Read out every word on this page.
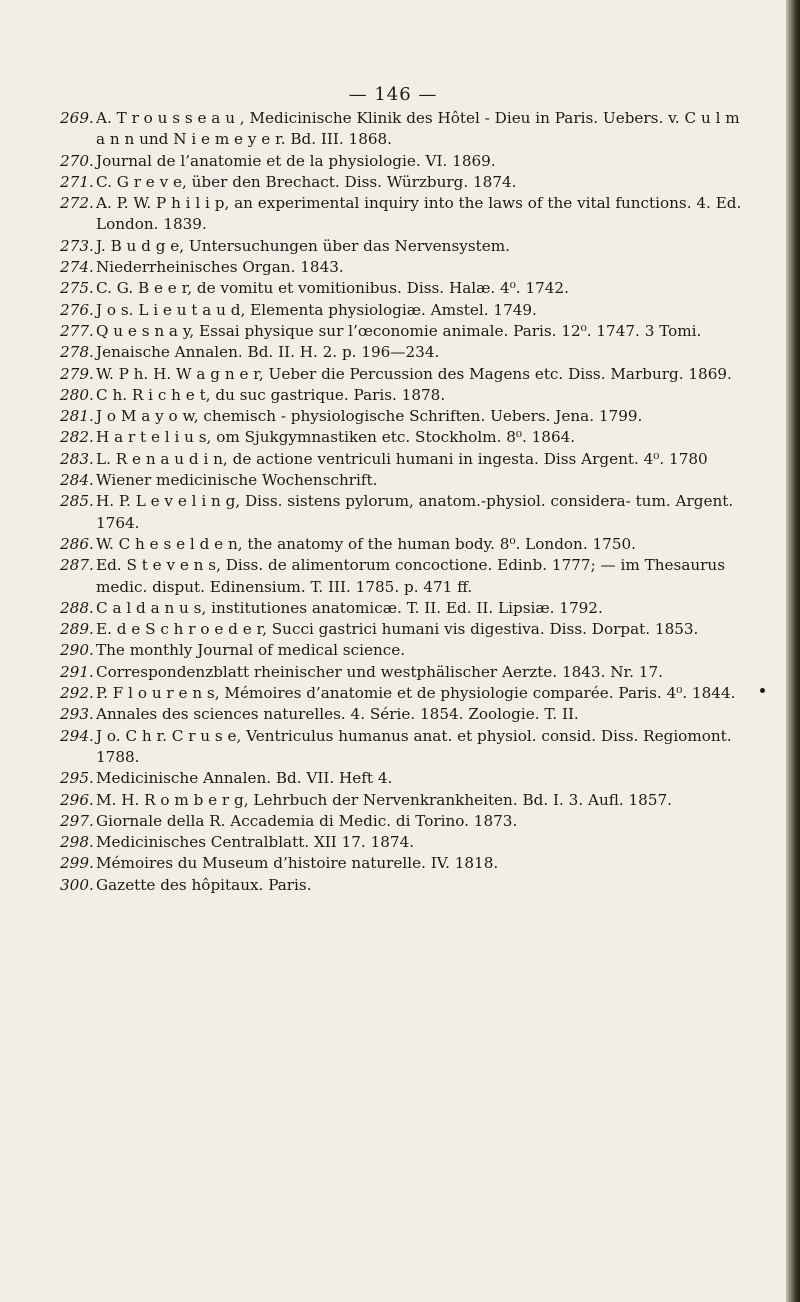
— 146 —
269. A. T r o u s s e a u , Medicinische Klinik des Hôtel - Dieu in Paris. Uebers. v. C u l m a n n und N i e m e y e r. Bd. III. 1868.
270. Journal de l’anatomie et de la physiologie. VI. 1869.
271. C. G r e v e, über den Brechact. Diss. Würzburg. 1874.
272. A. P. W. P h i l i p, an experimental inquiry into the laws of the vital functions. 4. Ed. London. 1839.
273. J. B u d g e, Untersuchungen über das Nervensystem.
274. Niederrheinisches Organ. 1843.
275. C. G. B e e r, de vomitu et vomitionibus. Diss. Halæ. 4⁰. 1742.
276. J o s. L i e u t a u d, Elementa physiologiæ. Amstel. 1749.
277. Q u e s n a y, Essai physique sur l’œconomie animale. Paris. 12⁰. 1747. 3 Tomi.
278. Jenaische Annalen. Bd. II. H. 2. p. 196—234.
279. W. P h. H. W a g n e r, Ueber die Percussion des Magens etc. Diss. Marburg. 1869.
280. C h. R i c h e t, du suc gastrique. Paris. 1878.
281. J o M a y o w, chemisch - physiologische Schriften. Uebers. Jena. 1799.
282. H a r t e l i u s, om Sjukgymnastiken etc. Stockholm. 8⁰. 1864.
283. L. R e n a u d i n, de actione ventriculi humani in ingesta. Diss Argent. 4⁰. 1780
284. Wiener medicinische Wochenschrift.
285. H. P. L e v e l i n g, Diss. sistens pylorum, anatom.-physiol. considera- tum. Argent. 1764.
286. W. C h e s e l d e n, the anatomy of the human body. 8⁰. London. 1750.
287. Ed. S t e v e n s, Diss. de alimentorum concoctione. Edinb. 1777; — im Thesaurus medic. disput. Edinensium. T. III. 1785. p. 471 ff.
288. C a l d a n u s, institutiones anatomicæ. T. II. Ed. II. Lipsiæ. 1792.
289. E. d e S c h r o e d e r, Succi gastrici humani vis digestiva. Diss. Dorpat. 1853.
290. The monthly Journal of medical science.
291. Correspondenzblatt rheinischer und westphälischer Aerzte. 1843. Nr. 17.
292. P. F l o u r e n s, Mémoires d’anatomie et de physiologie comparée. Paris. 4⁰. 1844.
293. Annales des sciences naturelles. 4. Série. 1854. Zoologie. T. II.
294. J o. C h r. C r u s e, Ventriculus humanus anat. et physiol. consid. Diss. Regiomont. 1788.
295. Medicinische Annalen. Bd. VII. Heft 4.
296. M. H. R o m b e r g, Lehrbuch der Nervenkrankheiten. Bd. I. 3. Aufl. 1857.
297. Giornale della R. Accademia di Medic. di Torino. 1873.
298. Medicinisches Centralblatt. XII 17. 1874.
299. Mémoires du Museum d’histoire naturelle. IV. 1818.
300. Gazette des hôpitaux. Paris.
